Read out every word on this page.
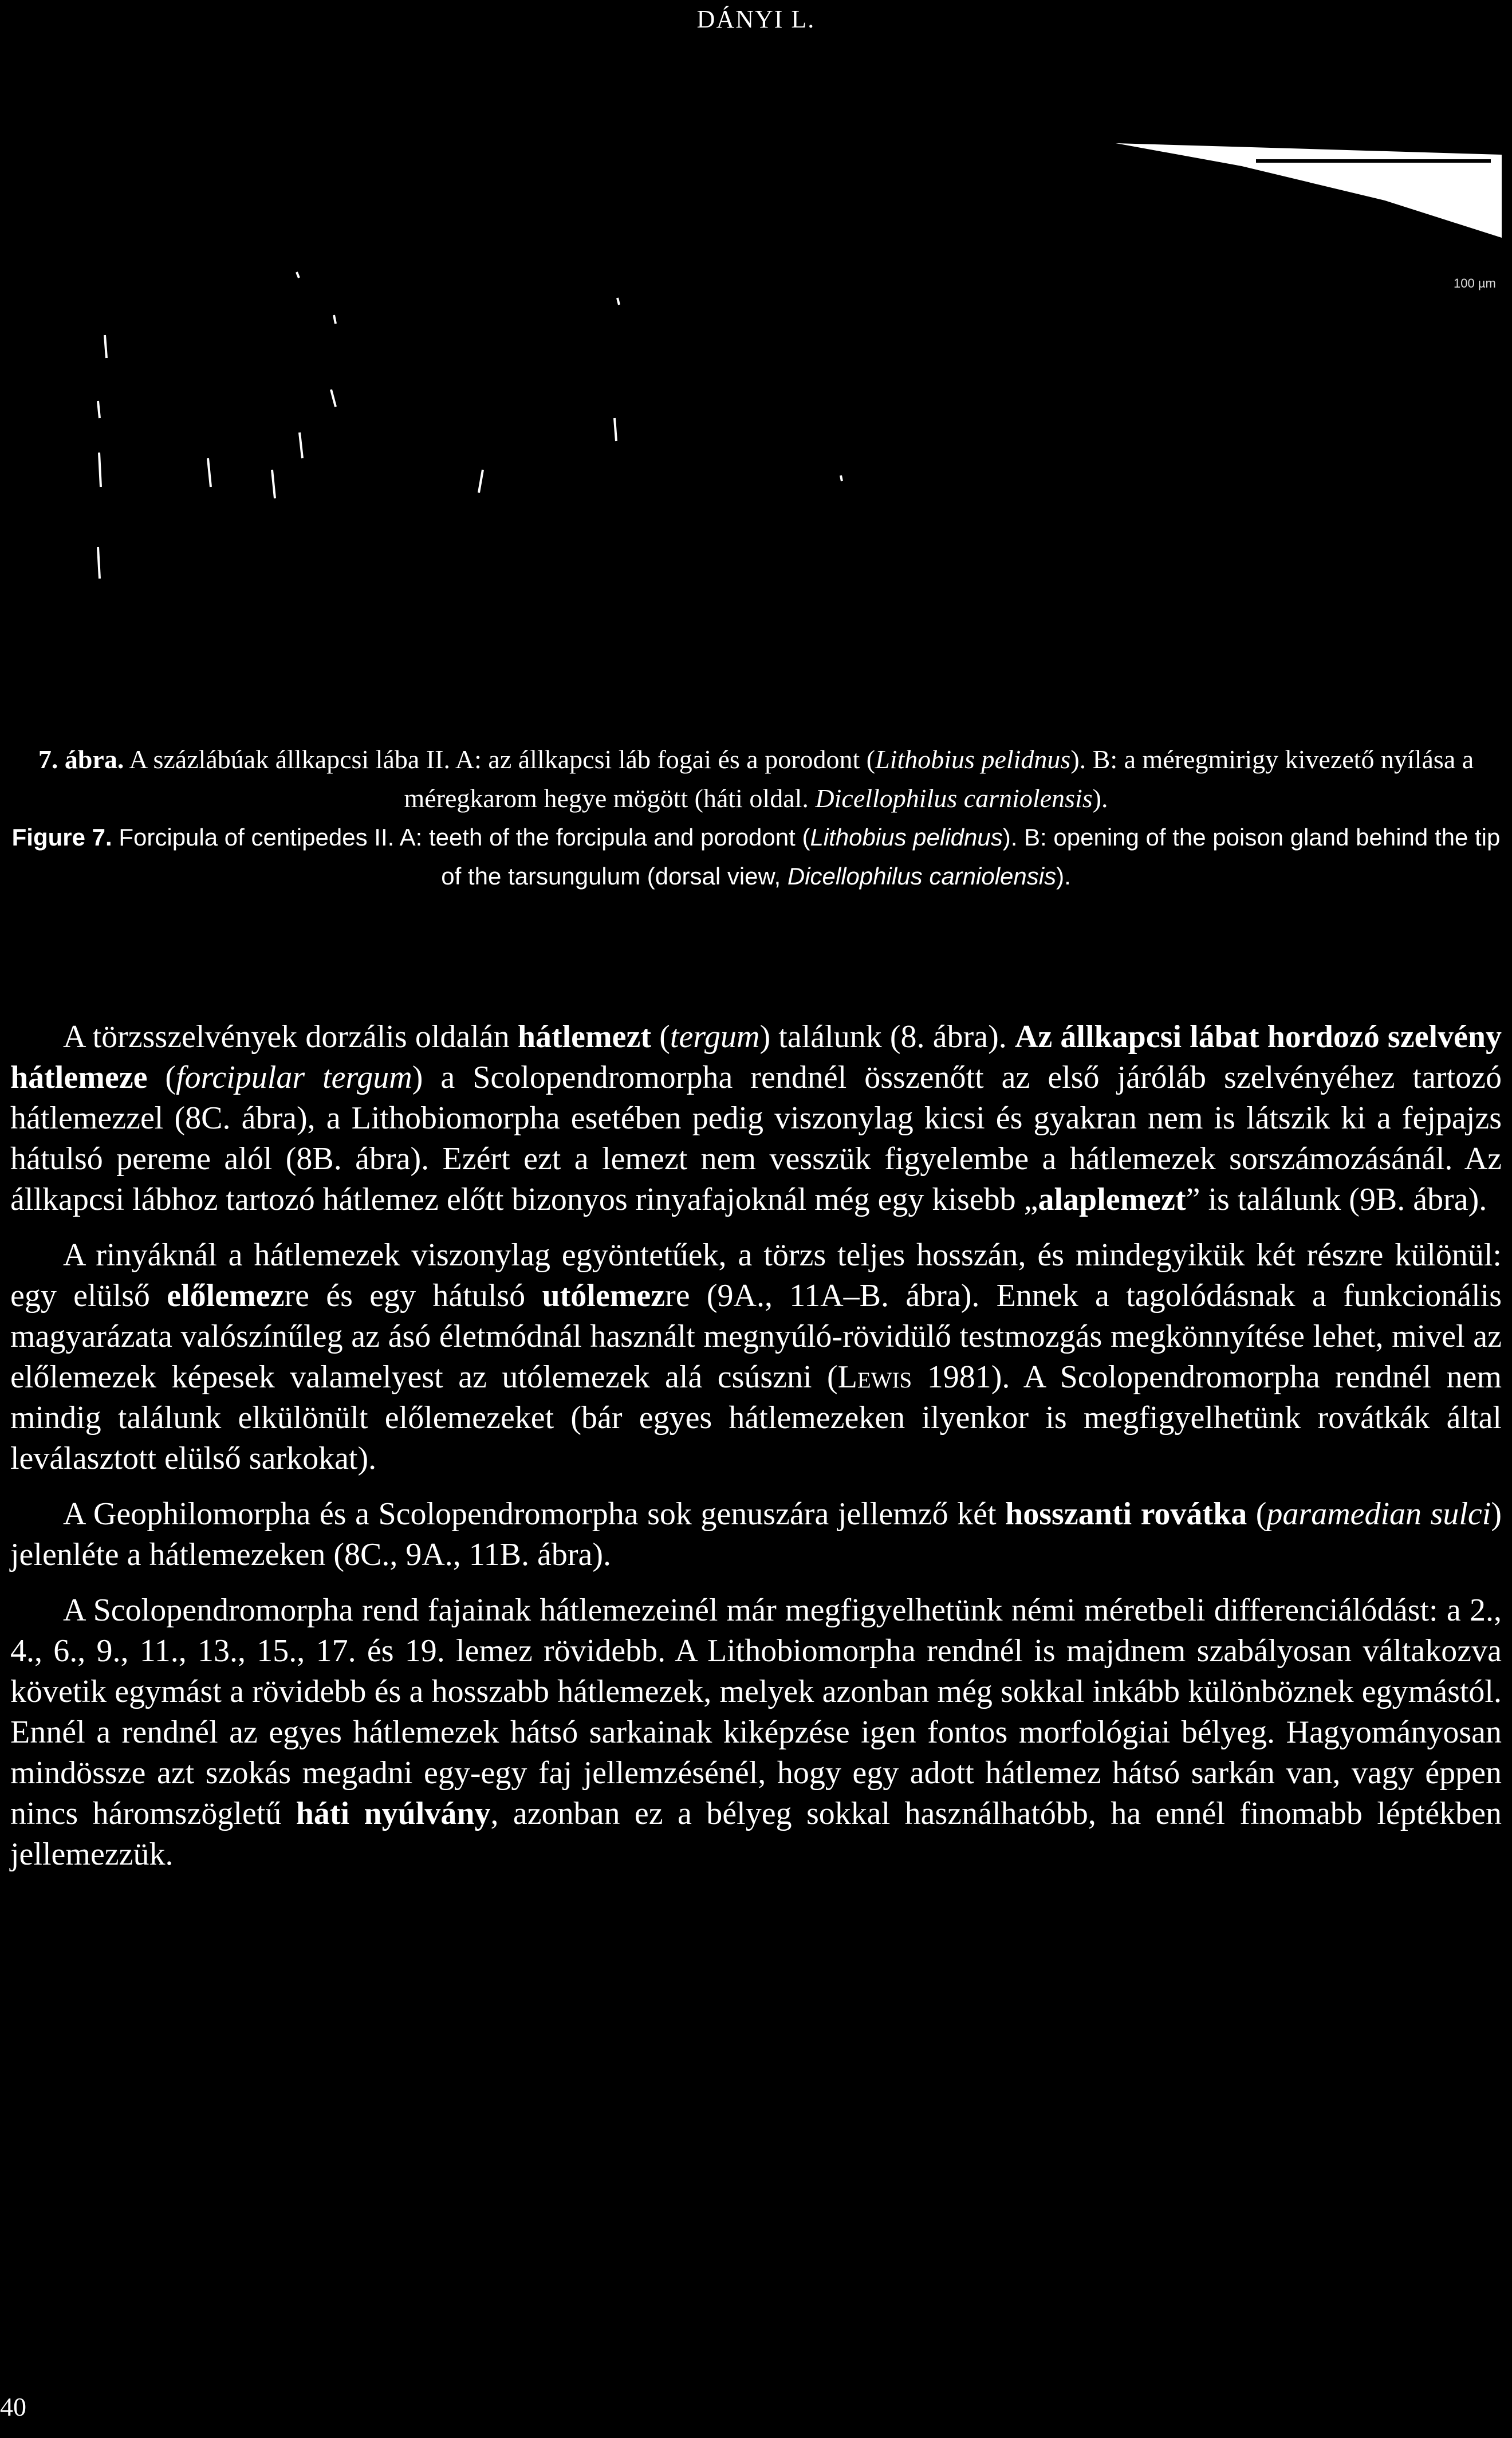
DÁNYI L.
100 µm
7. ábra. A százlábúak állkapcsi lába II. A: az állkapcsi láb fogai és a porodont (Lithobius pelidnus). B: a méregmirigy kivezető nyílása a méregkarom hegye mögött (háti oldal. Dicellophilus carniolensis).
Figure 7. Forcipula of centipedes II. A: teeth of the forcipula and porodont (Lithobius pelidnus). B: opening of the poison gland behind the tip of the tarsungulum (dorsal view, Dicellophilus carniolensis).

A törzsszelvények dorzális oldalán hátlemezt (tergum) találunk (8. ábra). Az állkapcsi lábat hordozó szelvény hátlemeze (forcipular tergum) a Scolopendromorpha rendnél összenőtt az első járóláb szelvényéhez tartozó hátlemezzel (8C. ábra), a Lithobiomorpha esetében pedig viszonylag kicsi és gyakran nem is látszik ki a fejpajzs hátulsó pereme alól (8B. ábra). Ezért ezt a lemezt nem vesszük figyelembe a hátlemezek sorszámozásánál. Az állkapcsi lábhoz tartozó hátlemez előtt bizonyos rinyafajoknál még egy kisebb „alaplemezt” is találunk (9B. ábra).

A rinyáknál a hátlemezek viszonylag egyöntetűek, a törzs teljes hosszán, és mindegyikük két részre különül: egy elülső előlemezre és egy hátulsó utólemezre (9A., 11A–B. ábra). Ennek a tagolódásnak a funkcionális magyarázata valószínűleg az ásó életmódnál használt megnyúló-rövidülő testmozgás megkönnyítése lehet, mivel az előlemezek képesek valamelyest az utólemezek alá csúszni (Lewis 1981). A Scolopendromorpha rendnél nem mindig találunk elkülönült előlemezeket (bár egyes hátlemezeken ilyenkor is megfigyelhetünk rovátkák által leválasztott elülső sarkokat).

A Geophilomorpha és a Scolopendromorpha sok genuszára jellemző két hosszanti rovátka (paramedian sulci) jelenléte a hátlemezeken (8C., 9A., 11B. ábra).

A Scolopendromorpha rend fajainak hátlemezeinél már megfigyelhetünk némi méretbeli differenciálódást: a 2., 4., 6., 9., 11., 13., 15., 17. és 19. lemez rövidebb. A Lithobiomorpha rendnél is majdnem szabályosan váltakozva követik egymást a rövidebb és a hosszabb hátlemezek, melyek azonban még sokkal inkább különböznek egymástól. Ennél a rendnél az egyes hátlemezek hátsó sarkainak kiképzése igen fontos morfológiai bélyeg. Hagyományosan mindössze azt szokás megadni egy-egy faj jellemzésénél, hogy egy adott hátlemez hátsó sarkán van, vagy éppen nincs háromszögletű háti nyúlvány, azonban ez a bélyeg sokkal használhatóbb, ha ennél finomabb léptékben jellemezzük.

40
